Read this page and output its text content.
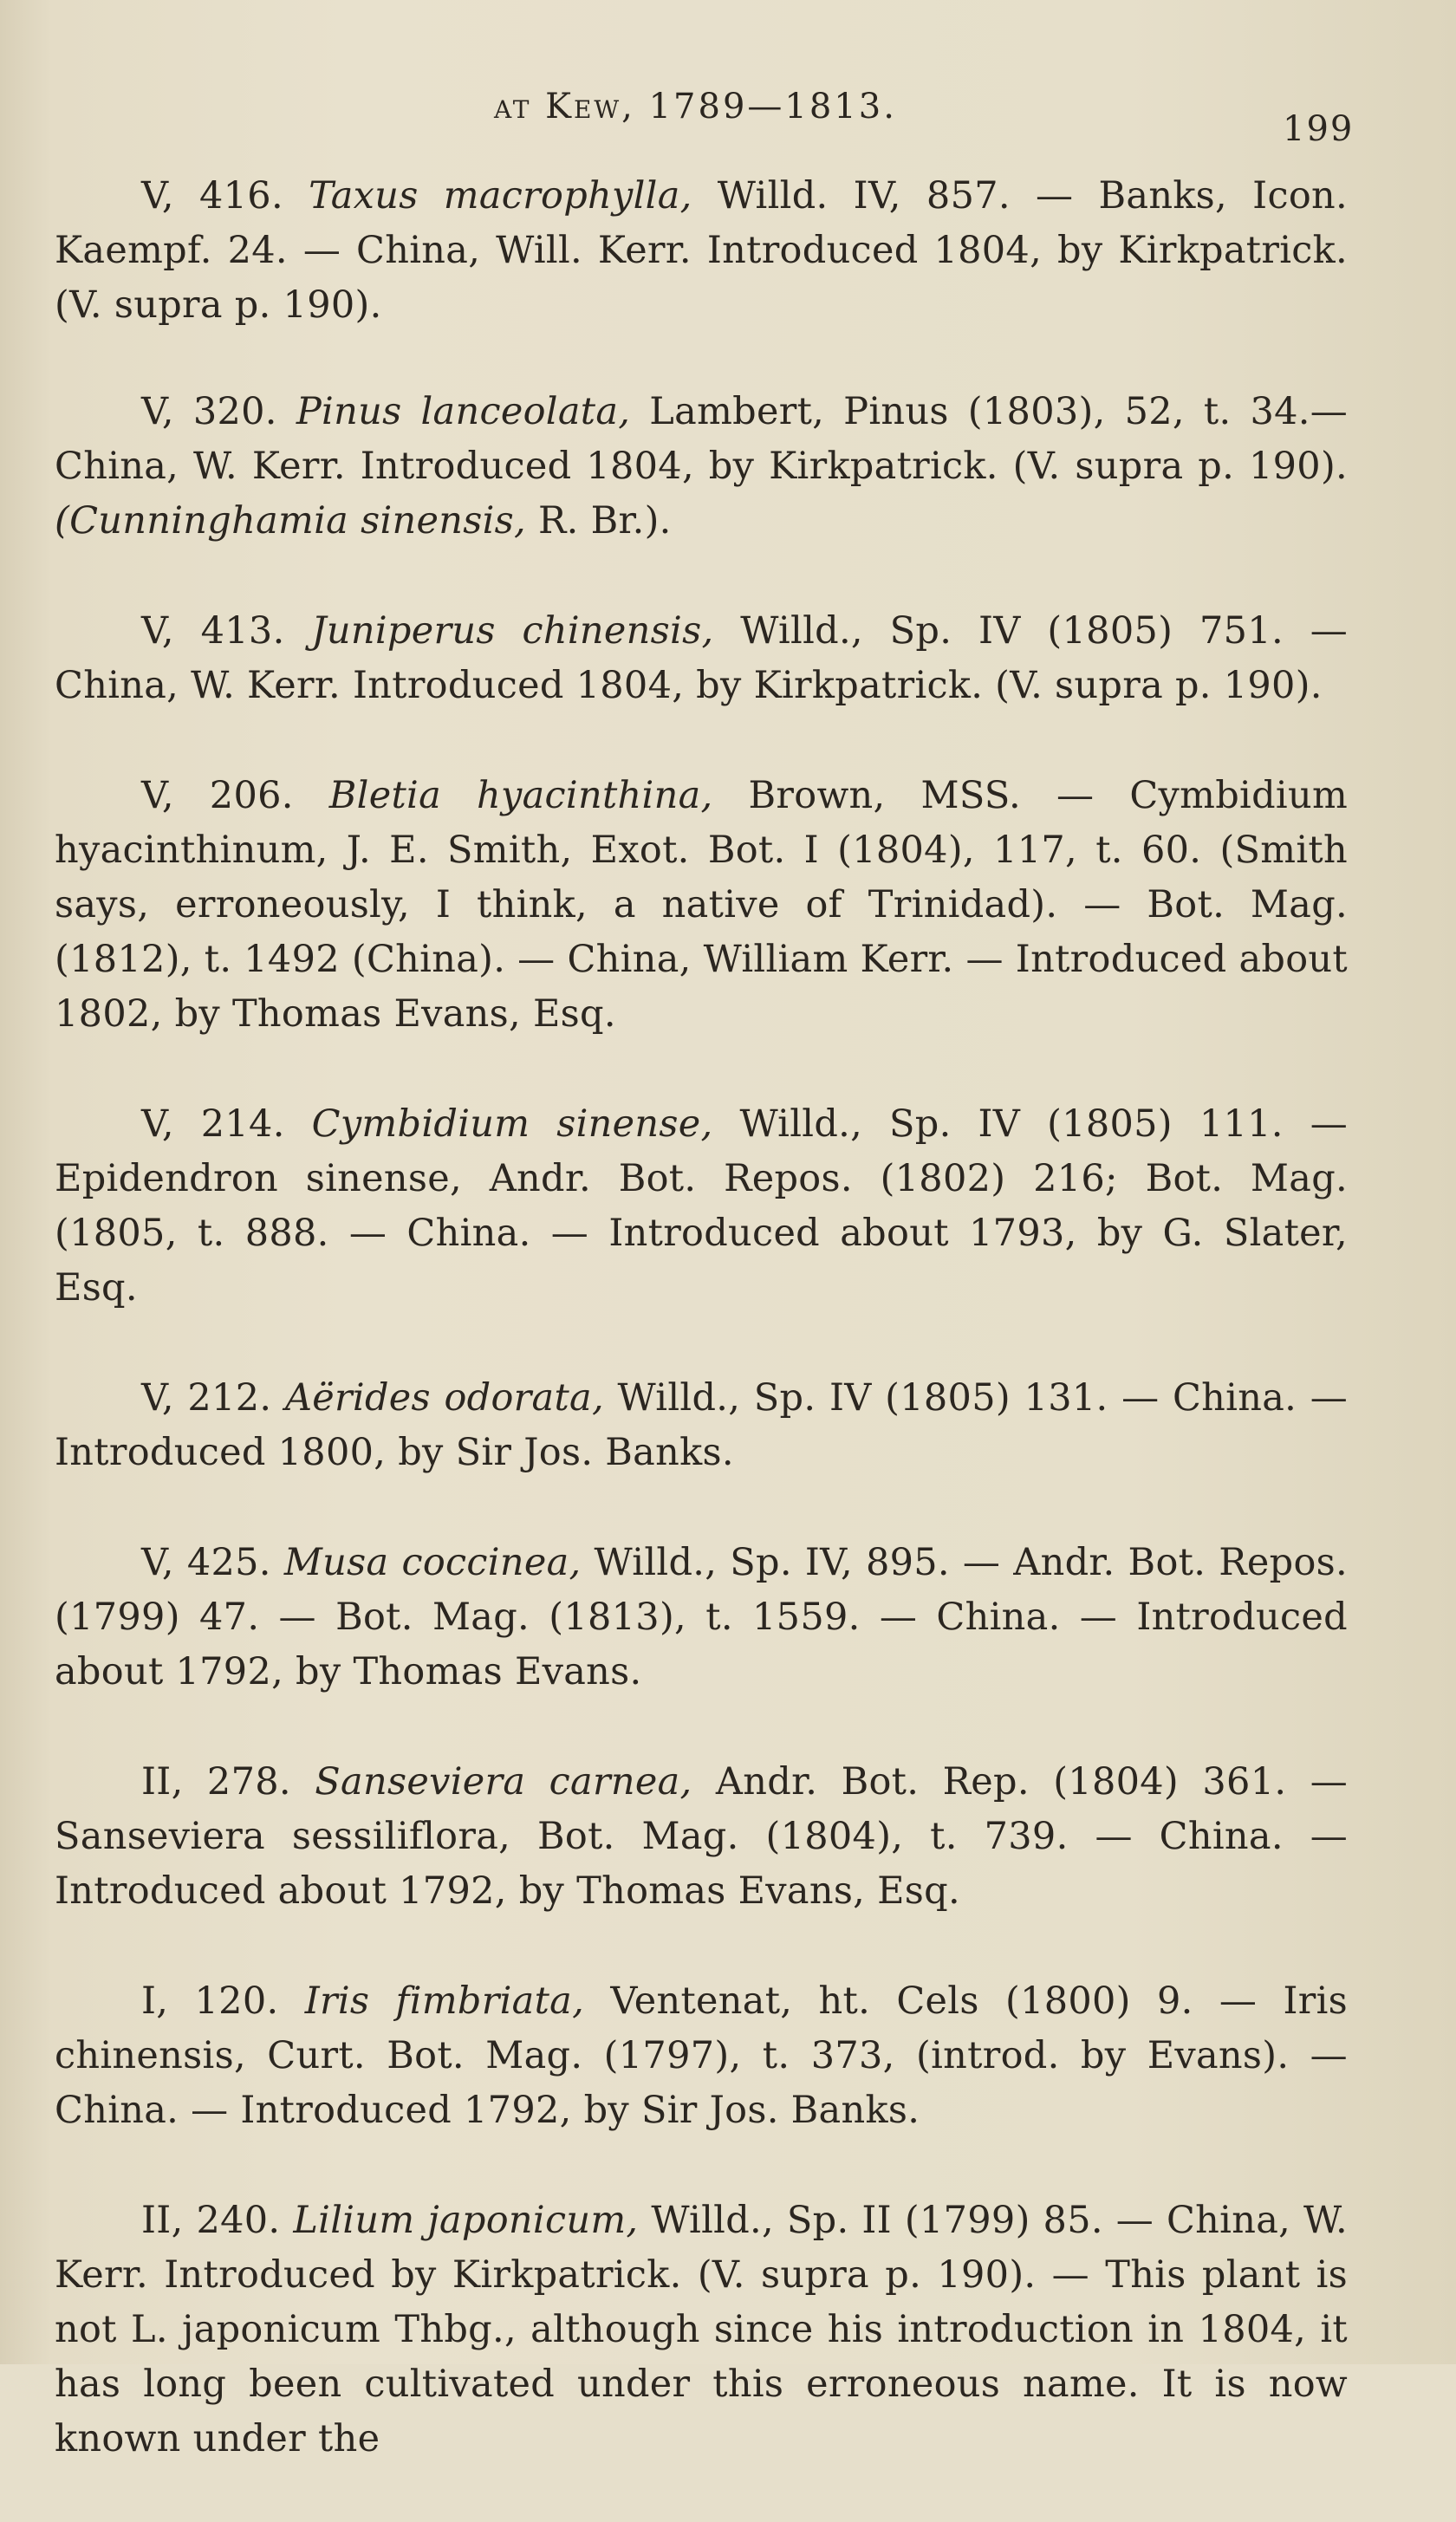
at Kew, 1789—1813.
199

V, 416. Taxus macrophylla, Willd. IV, 857. — Banks, Icon. Kaempf. 24. — China, Will. Kerr. Introduced 1804, by Kirkpatrick. (V. supra p. 190).

V, 320. Pinus lanceolata, Lambert, Pinus (1803), 52, t. 34.— China, W. Kerr. Introduced 1804, by Kirkpatrick. (V. supra p. 190). (Cunninghamia sinensis, R. Br.).

V, 413. Juniperus chinensis, Willd., Sp. IV (1805) 751. — China, W. Kerr. Introduced 1804, by Kirkpatrick. (V. supra p. 190).

V, 206. Bletia hyacinthina, Brown, MSS. — Cymbidium hyacinthinum, J. E. Smith, Exot. Bot. I (1804), 117, t. 60. (Smith says, erroneously, I think, a native of Trinidad). — Bot. Mag. (1812), t. 1492 (China). — China, William Kerr. — Introduced about 1802, by Thomas Evans, Esq.

V, 214. Cymbidium sinense, Willd., Sp. IV (1805) 111. — Epidendron sinense, Andr. Bot. Repos. (1802) 216; Bot. Mag. (1805, t. 888. — China. — Introduced about 1793, by G. Slater, Esq.

V, 212. Aërides odorata, Willd., Sp. IV (1805) 131. — China. — Introduced 1800, by Sir Jos. Banks.

V, 425. Musa coccinea, Willd., Sp. IV, 895. — Andr. Bot. Repos. (1799) 47. — Bot. Mag. (1813), t. 1559. — China. — Introduced about 1792, by Thomas Evans.

II, 278. Sanseviera carnea, Andr. Bot. Rep. (1804) 361. — Sanseviera sessiliflora, Bot. Mag. (1804), t. 739. — China. — Introduced about 1792, by Thomas Evans, Esq.

I, 120. Iris fimbriata, Ventenat, ht. Cels (1800) 9. — Iris chinensis, Curt. Bot. Mag. (1797), t. 373, (introd. by Evans). — China. — Introduced 1792, by Sir Jos. Banks.

II, 240. Lilium japonicum, Willd., Sp. II (1799) 85. — China, W. Kerr. Introduced by Kirkpatrick. (V. supra p. 190). — This plant is not L. japonicum Thbg., although since his introduction in 1804, it has long been cultivated under this erroneous name. It is now known under the
